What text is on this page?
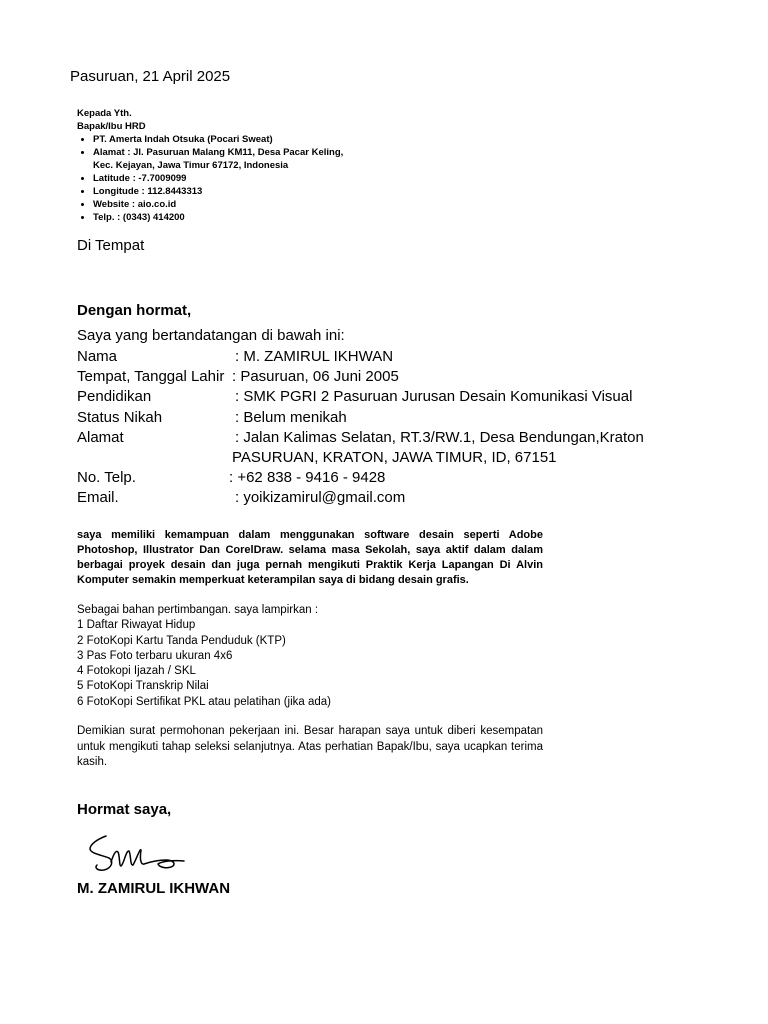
Pasuruan, 21 April 2025
Kepada Yth.
Bapak/Ibu HRD
• PT. Amerta Indah Otsuka (Pocari Sweat)
• Alamat : Jl. Pasuruan Malang KM11, Desa Pacar Keling,
Kec. Kejayan, Jawa Timur 67172, Indonesia
• Latitude : -7.7009099
• Longitude : 112.8443313
• Website : aio.co.id
• Telp. : (0343) 414200
Di Tempat
Dengan hormat,
Saya yang bertandatangan di bawah ini:
Nama	: M. ZAMIRUL IKHWAN
Tempat, Tanggal Lahir : Pasuruan, 06 Juni 2005
Pendidikan	: SMK PGRI 2 Pasuruan Jurusan Desain Komunikasi Visual
Status Nikah	: Belum menikah
Alamat	: Jalan Kalimas Selatan, RT.3/RW.1, Desa Bendungan,Kraton
PASURUAN, KRATON, JAWA TIMUR, ID, 67151
No. Telp.	: +62 838 - 9416 - 9428
Email.	: yoikizamirul@gmail.com
saya memiliki kemampuan dalam menggunakan software desain seperti Adobe Photoshop, Illustrator Dan CorelDraw. selama masa Sekolah, saya aktif dalam dalam berbagai proyek desain dan juga pernah mengikuti Praktik Kerja Lapangan Di Alvin Komputer semakin memperkuat keterampilan saya di bidang desain grafis.
Sebagai bahan pertimbangan. saya lampirkan :
1 Daftar Riwayat Hidup
2 FotoKopi Kartu Tanda Penduduk (KTP)
3 Pas Foto terbaru ukuran 4x6
4 Fotokopi Ijazah / SKL
5 FotoKopi Transkrip Nilai
6 FotoKopi Sertifikat PKL atau pelatihan (jika ada)
Demikian surat permohonan pekerjaan ini. Besar harapan saya untuk diberi kesempatan untuk mengikuti tahap seleksi selanjutnya. Atas perhatian Bapak/Ibu, saya ucapkan terima kasih.
Hormat saya,
M. ZAMIRUL IKHWAN
